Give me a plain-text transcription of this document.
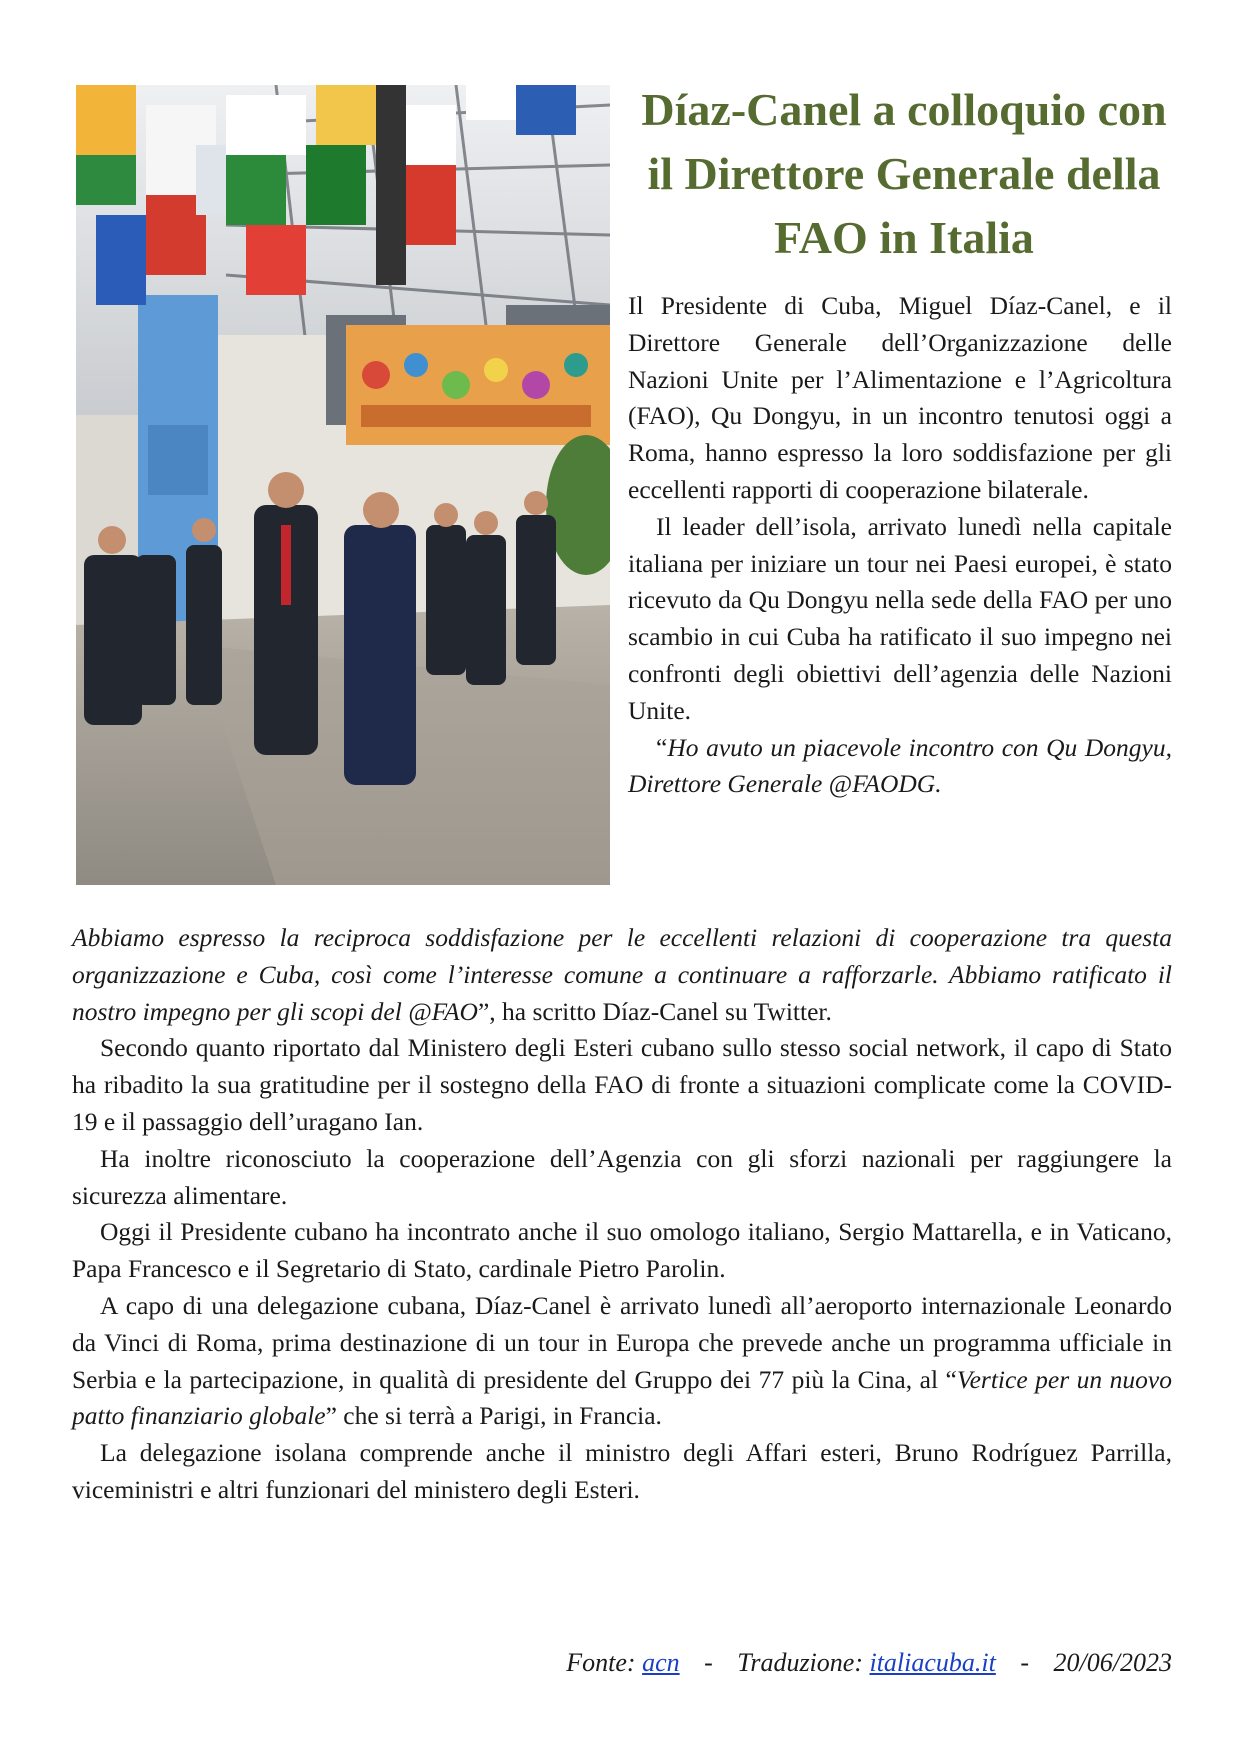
Díaz-Canel a colloquio con il Direttore Generale della FAO in Italia

Il Presidente di Cuba, Miguel Díaz-Canel, e il Direttore Generale dell’Organizzazione delle Nazioni Unite per l’Alimentazione e l’Agricoltura (FAO), Qu Dongyu, in un incontro tenutosi oggi a Roma, hanno espresso la loro soddisfazione per gli eccellenti rapporti di cooperazione bilaterale.

Il leader dell’isola, arrivato lunedì nella capitale italiana per iniziare un tour nei Paesi europei, è stato ricevuto da Qu Dongyu nella sede della FAO per uno scambio in cui Cuba ha ratificato il suo impegno nei confronti degli obiettivi dell’agenzia delle Nazioni Unite.

“Ho avuto un piacevole incontro con Qu Dongyu, Direttore Generale @FAODG.

Abbiamo espresso la reciproca soddisfazione per le eccellenti relazioni di cooperazione tra questa organizzazione e Cuba, così come l’interesse comune a continuare a rafforzarle. Abbiamo ratificato il nostro impegno per gli scopi del @FAO”, ha scritto Díaz-Canel su Twitter.

Secondo quanto riportato dal Ministero degli Esteri cubano sullo stesso social network, il capo di Stato ha ribadito la sua gratitudine per il sostegno della FAO di fronte a situazioni complicate come la COVID-19 e il passaggio dell’uragano Ian.

Ha inoltre riconosciuto la cooperazione dell’Agenzia con gli sforzi nazionali per raggiungere la sicurezza alimentare.

Oggi il Presidente cubano ha incontrato anche il suo omologo italiano, Sergio Mattarella, e in Vaticano, Papa Francesco e il Segretario di Stato, cardinale Pietro Parolin.

A capo di una delegazione cubana, Díaz-Canel è arrivato lunedì all’aeroporto internazionale Leonardo da Vinci di Roma, prima destinazione di un tour in Europa che prevede anche un programma ufficiale in Serbia e la partecipazione, in qualità di presidente del Gruppo dei 77 più la Cina, al “Vertice per un nuovo patto finanziario globale” che si terrà a Parigi, in Francia.

La delegazione isolana comprende anche il ministro degli Affari esteri, Bruno Rodríguez Parrilla, viceministri e altri funzionari del ministero degli Esteri.

Fonte: acn - Traduzione: italiacuba.it - 20/06/2023
